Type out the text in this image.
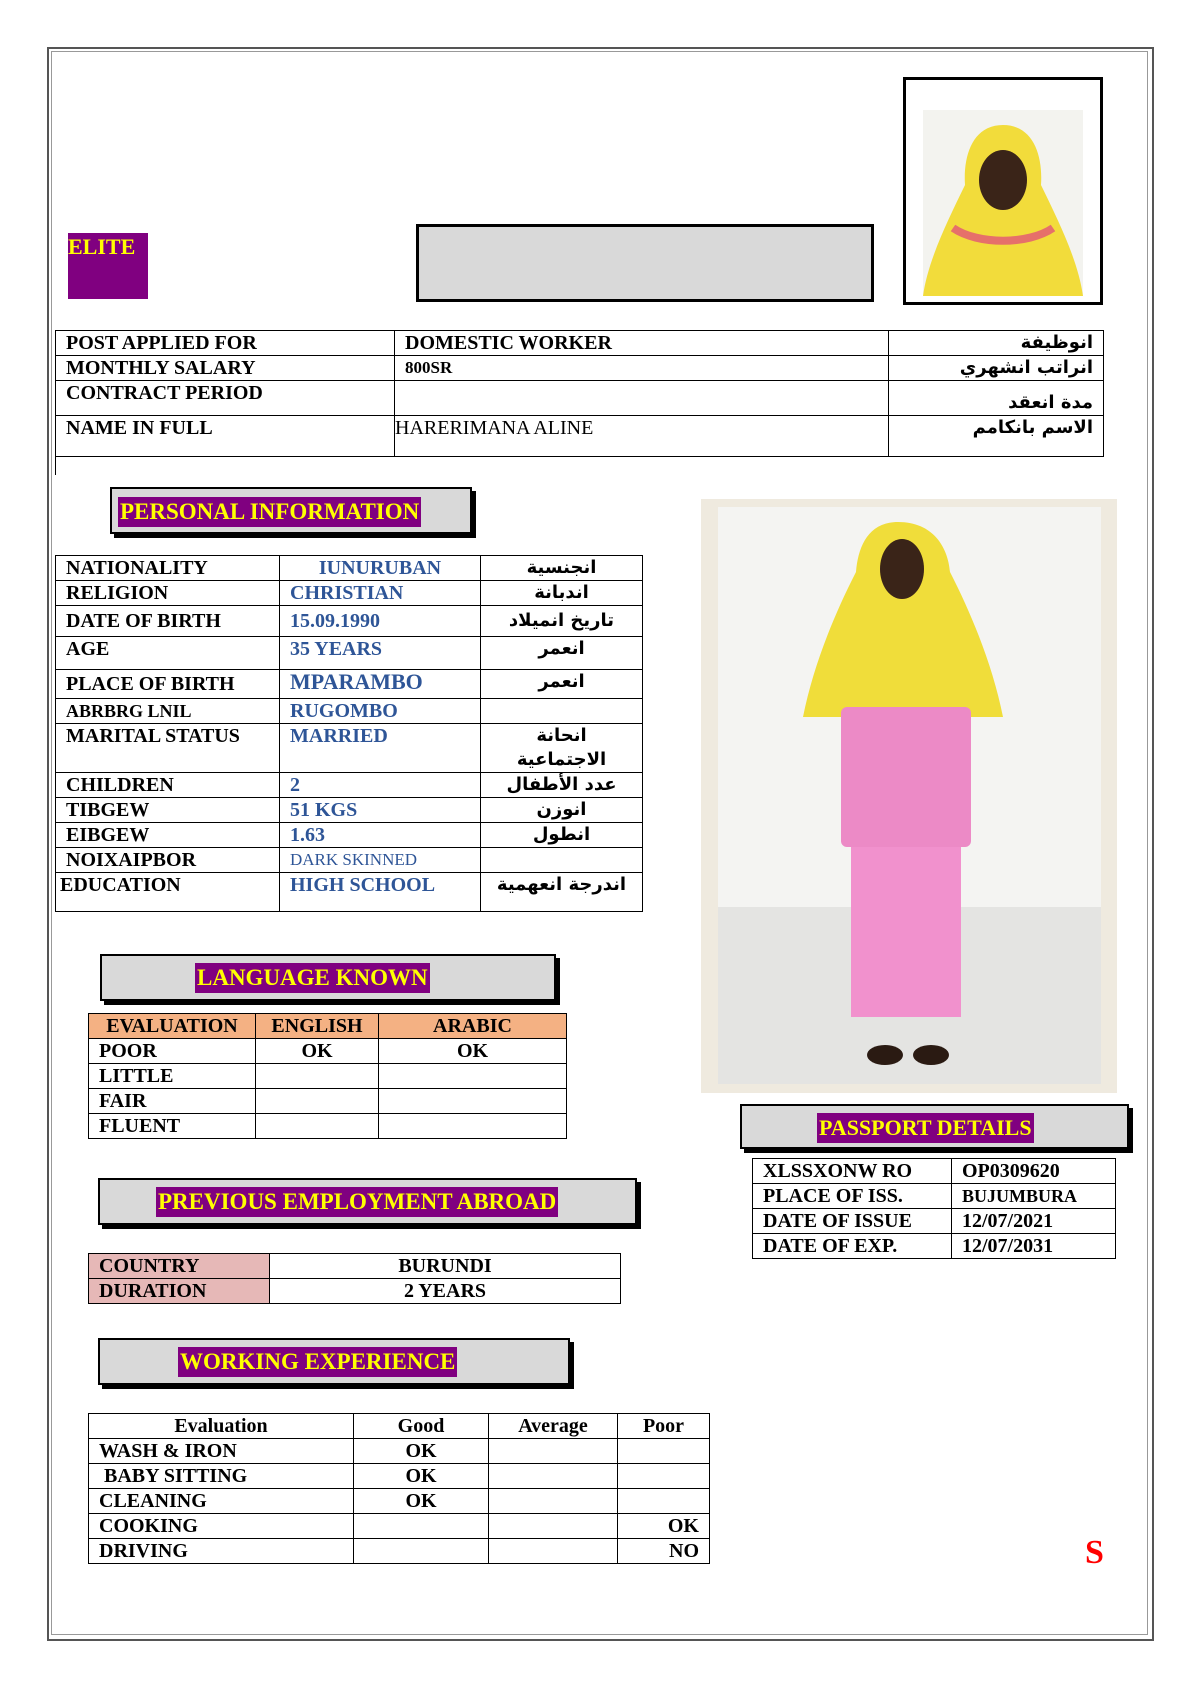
ELITE
POST APPLIED FOR	DOMESTIC WORKER	انوظيفة
MONTHLY SALARY	800SR	انراتب انشهري
CONTRACT PERIOD		مدة انعقد
NAME IN FULL	HARERIMANA ALINE	الاسم بانكامم
PERSONAL INFORMATION
NATIONALITY	IUNURUBAN	انجنسية
RELIGION	CHRISTIAN	اندبانة
DATE OF BIRTH	15.09.1990	تاريخ انميلاد
AGE	35 YEARS	انعمر
PLACE OF BIRTH	MPARAMBO	انعمر
ABRBRG LNIL	RUGOMBO	
MARITAL STATUS	MARRIED	انحانة الاجتماعية
CHILDREN	2	عدد الأطفال
TIBGEW	51 KGS	انوزن
EIBGEW	1.63	انطول
NOIXAIPBOR	DARK SKINNED	
EDUCATION	HIGH SCHOOL	اندرجة انعهمية
LANGUAGE KNOWN
EVALUATION	ENGLISH	ARABIC
POOR	OK	OK
LITTLE		
FAIR		
FLUENT			PASSPORT DETAILS
XLSSXONW RO	OP0309620
PLACE OF ISS.	BUJUMBURA
DATE OF ISSUE	12/07/2021
DATE OF EXP.	12/07/2031
PREVIOUS EMPLOYMENT ABROAD
COUNTRY	BURUNDI
DURATION	2 YEARS
WORKING EXPERIENCE
Evaluation	Good	Average	Poor
WASH & IRON	OK		
BABY SITTING	OK		
CLEANING	OK		
COOKING			OK
DRIVING			NO	S
